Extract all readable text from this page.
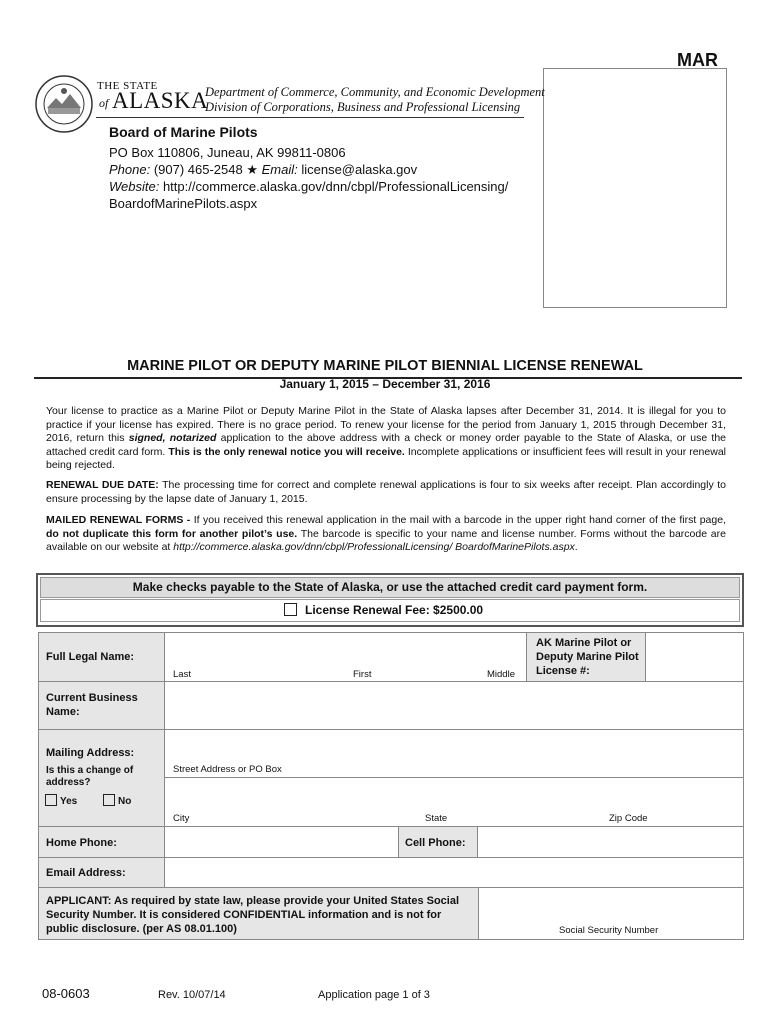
MAR
THE STATE
of ALASKA
Department of Commerce, Community, and Economic Development
Division of Corporations, Business and Professional Licensing
Board of Marine Pilots
PO Box 110806, Juneau, AK 99811-0806
Phone: (907) 465-2548 ★ Email: license@alaska.gov
Website: http://commerce.alaska.gov/dnn/cbpl/ProfessionalLicensing/
BoardofMarinePilots.aspx
MARINE PILOT OR DEPUTY MARINE PILOT BIENNIAL LICENSE RENEWAL
January 1, 2015 – December 31, 2016
Your license to practice as a Marine Pilot or Deputy Marine Pilot in the State of Alaska lapses after December 31, 2014. It is illegal for you to practice if your license has expired. There is no grace period. To renew your license for the period from January 1, 2015 through December 31, 2016, return this signed, notarized application to the above address with a check or money order payable to the State of Alaska, or use the attached credit card form. This is the only renewal notice you will receive. Incomplete applications or insufficient fees will result in your renewal being rejected.
RENEWAL DUE DATE: The processing time for correct and complete renewal applications is four to six weeks after receipt. Plan accordingly to ensure processing by the lapse date of January 1, 2015.
MAILED RENEWAL FORMS - If you received this renewal application in the mail with a barcode in the upper right hand corner of the first page, do not duplicate this form for another pilot’s use. The barcode is specific to your name and license number. Forms without the barcode are available on our website at http://commerce.alaska.gov/dnn/cbpl/ProfessionalLicensing/ BoardofMarinePilots.aspx.
Make checks payable to the State of Alaska, or use the attached credit card payment form.
License Renewal Fee: $2500.00
Full Legal Name:
Last	First	Middle
AK Marine Pilot or Deputy Marine Pilot License #:
Current Business Name:
Mailing Address:
Is this a change of address?
Yes	No
Street Address or PO Box
City	State	Zip Code
Home Phone:	Cell Phone:
Email Address:
APPLICANT: As required by state law, please provide your United States Social Security Number. It is considered CONFIDENTIAL information and is not for public disclosure. (per AS 08.01.100)	Social Security Number
08-0603	Rev. 10/07/14	Application page 1 of 3
